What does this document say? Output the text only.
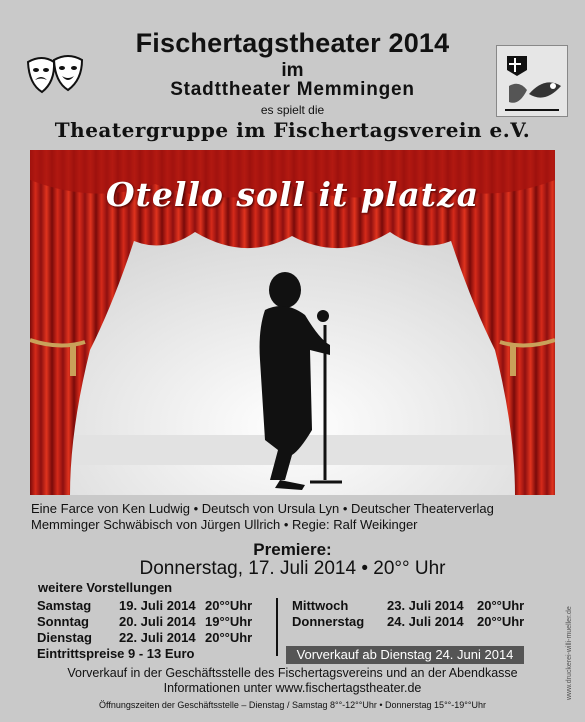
Fischertagstheater 2014
im
Stadttheater Memmingen
es spielt die
Theatergruppe im Fischertagsverein e.V.
Otello soll it platza
Eine Farce von Ken Ludwig • Deutsch von Ursula Lyn • Deutscher Theaterverlag
Memminger Schwäbisch von Jürgen Ullrich • Regie: Ralf Weikinger
Premiere:
Donnerstag, 17. Juli 2014 • 20°° Uhr
weitere Vorstellungen
Samstag 19. Juli 2014 20°°Uhr
Sonntag 20. Juli 2014 19°°Uhr
Dienstag 22. Juli 2014 20°°Uhr
Eintrittspreise 9 - 13 Euro
Mittwoch	23. Juli 2014 20°°Uhr
Donnerstag 24. Juli 2014 20°°Uhr
Vorverkauf ab Dienstag 24. Juni 2014
Vorverkauf in der Geschäftsstelle des Fischertagsvereins und an der Abendkasse
Informationen unter www.fischertagstheater.de
Öffnungszeiten der Geschäftsstelle – Dienstag / Samstag 8°°-12°°Uhr • Donnerstag 15°°-19°°Uhr
www.druckerei-willi-mueller.de
